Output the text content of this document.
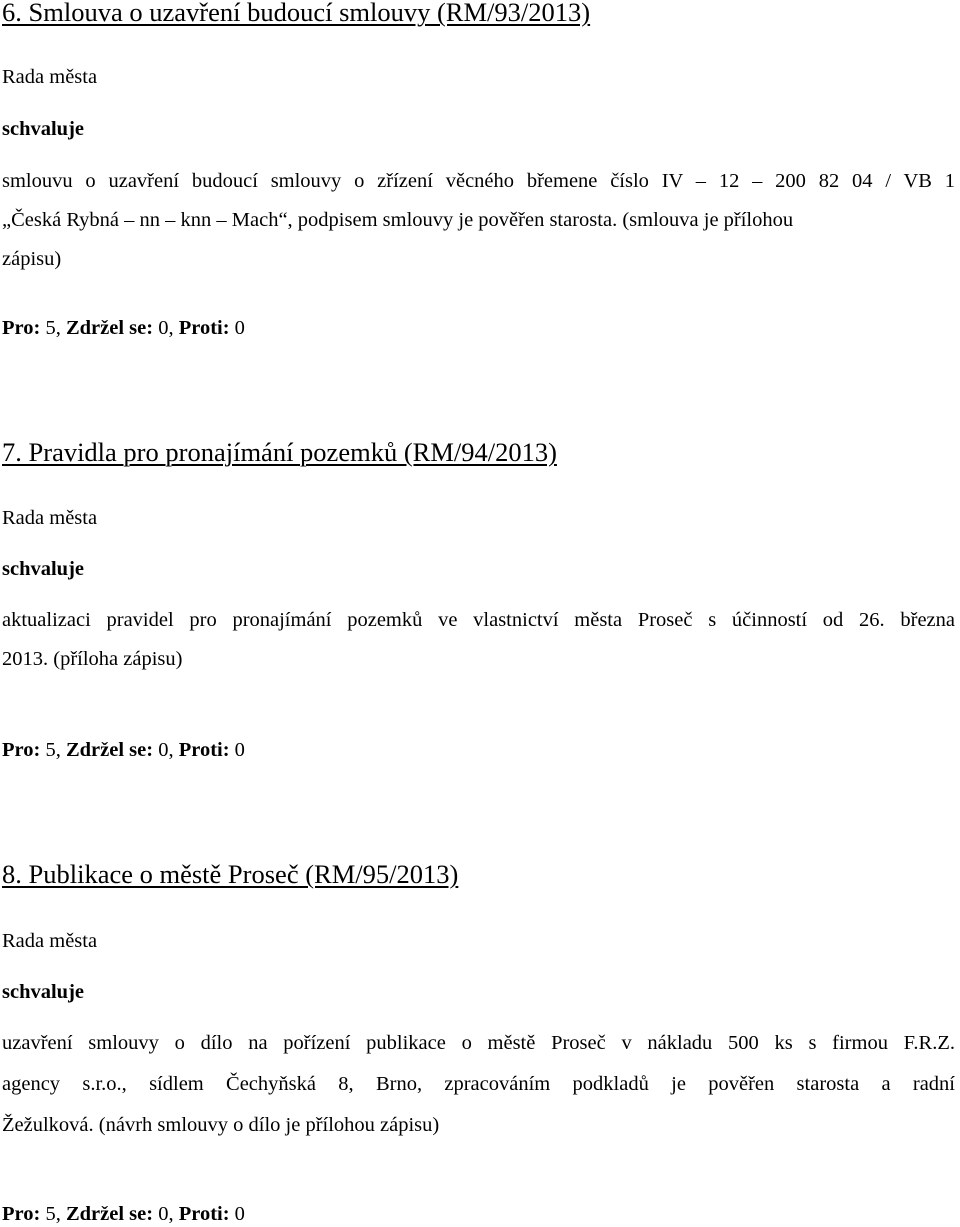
6. Smlouva o uzavření budoucí smlouvy (RM/93/2013)

Rada města

schvaluje

smlouvu o uzavření budoucí smlouvy o zřízení věcného břemene číslo IV – 12 – 200 82 04 / VB 1

„Česká Rybná – nn – knn – Mach“, podpisem smlouvy je pověřen starosta. (smlouva je přílohou

zápisu)

Pro: 5, Zdržel se: 0, Proti: 0

7. Pravidla pro pronajímání pozemků (RM/94/2013)

Rada města

schvaluje

aktualizaci pravidel pro pronajímání pozemků ve vlastnictví města Proseč s účinností od 26. března

2013. (příloha zápisu)

Pro: 5, Zdržel se: 0, Proti: 0

8. Publikace o městě Proseč (RM/95/2013)

Rada města

schvaluje

uzavření smlouvy o dílo na pořízení publikace o městě Proseč v nákladu 500 ks s firmou F.R.Z.

agency s.r.o., sídlem Čechyňská 8, Brno, zpracováním podkladů je pověřen starosta a radní

Žežulková. (návrh smlouvy o dílo je přílohou zápisu)

Pro: 5, Zdržel se: 0, Proti: 0
